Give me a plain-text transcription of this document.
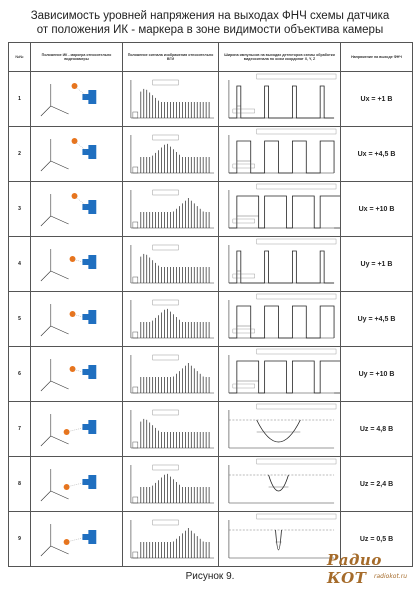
Зависимость уровней напряжения на выходах ФНЧ схемы датчика
от положения ИК - маркера в зоне видимости объектива камеры
№№	Положение ИК - маркера относительно видеокамеры	Положение сигнала изображения относительно ВГИ	Ширина импульсов на выходах детекторов схемы обработки видеосигнала по осям координат X, Y, Z	Напряжение на выходе ФНЧ
1				Ux = +1 В
2				Ux = +4,5 В
3				Ux = +10 В
4				Uy = +1 В
5				Uy = +4,5 В
6				Uy = +10 В
7				Uz = 4,8 В
8				Uz = 2,4 В
9				Uz = 0,5 В
Рисунок 9.
Радио КОТ	radiokot.ru
